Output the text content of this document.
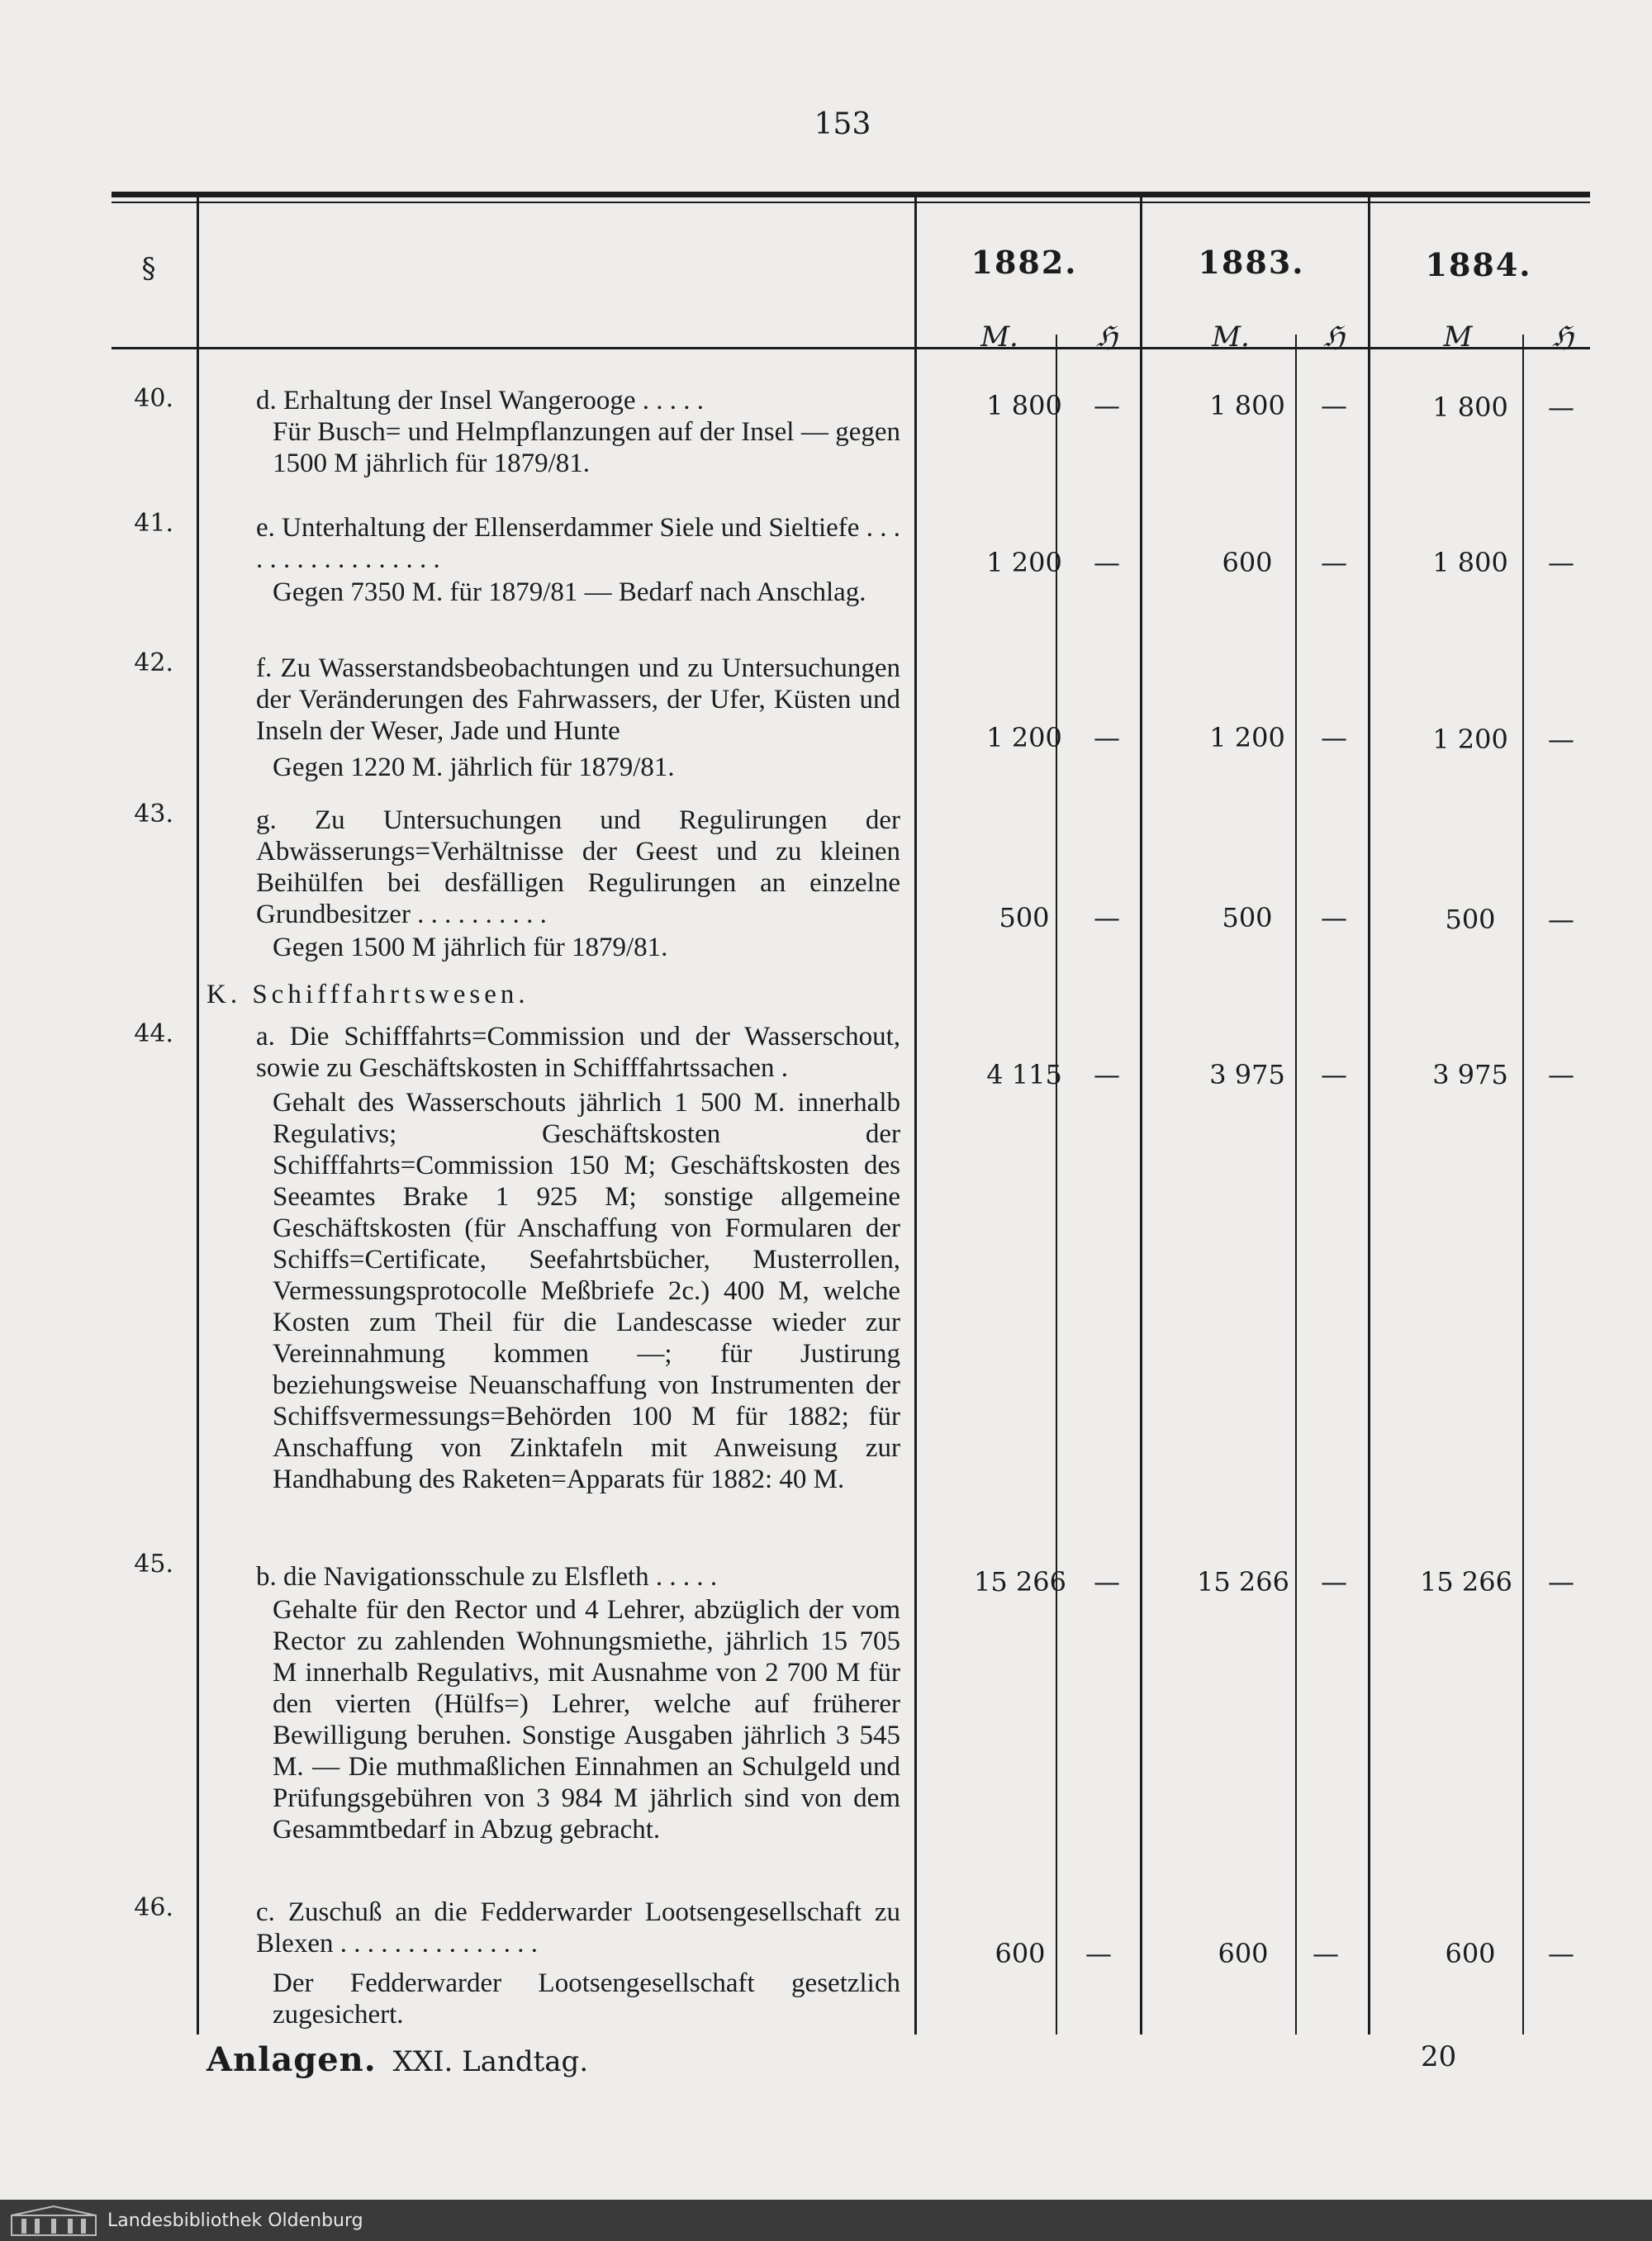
153
§	1882.	1883.	1884.
M.	ℌ	M.	ℌ	M	ℌ
40.	d. Erhaltung der Insel Wangerooge . . . . .
Für Busch= und Helmpflanzungen auf der Insel — gegen 1500 M jährlich für 1879/81.
1 800	—	1 800	—	1 800	—
41.	e. Unterhaltung der Ellenserdammer Siele und Sieltiefe . . . . . . . . . . . . . . . . .
Gegen 7350 M. für 1879/81 — Bedarf nach Anschlag.
1 200	—	600	—	1 800	—
42.	f. Zu Wasserstandsbeobachtungen und zu Untersuchungen der Veränderungen des Fahrwassers, der Ufer, Küsten und Inseln der Weser, Jade und Hunte
Gegen 1220 M. jährlich für 1879/81.
1 200	—	1 200	—	1 200	—
43.	g. Zu Untersuchungen und Regulirungen der Abwässerungs=Verhältnisse der Geest und zu kleinen Beihülfen bei desfälligen Regulirungen an einzelne Grundbesitzer . . . . . . . . . .
Gegen 1500 M jährlich für 1879/81.
500	—	500	—	500	—
K. Schifffahrtswesen.
44.	a. Die Schifffahrts=Commission und der Wasserschout, sowie zu Geschäftskosten in Schifffahrtssachen .
Gehalt des Wasserschouts jährlich 1 500 M. innerhalb Regulativs; Geschäftskosten der Schifffahrts=Commission 150 M; Geschäftskosten des Seeamtes Brake 1 925 M; sonstige allgemeine Geschäftskosten (für Anschaffung von Formularen der Schiffs=Certificate, Seefahrtsbücher, Musterrollen, Vermessungsprotocolle Meßbriefe 2c.) 400 M, welche Kosten zum Theil für die Landescasse wieder zur Vereinnahmung kommen —; für Justirung beziehungsweise Neuanschaffung von Instrumenten der Schiffsvermessungs=Behörden 100 M für 1882; für Anschaffung von Zinktafeln mit Anweisung zur Handhabung des Raketen=Apparats für 1882: 40 M.
4 115	—	3 975	—	3 975	—
45.	b. die Navigationsschule zu Elsfleth . . . . .
Gehalte für den Rector und 4 Lehrer, abzüglich der vom Rector zu zahlenden Wohnungsmiethe, jährlich 15 705 M innerhalb Regulativs, mit Ausnahme von 2 700 M für den vierten (Hülfs=) Lehrer, welche auf früherer Bewilligung beruhen. Sonstige Ausgaben jährlich 3 545 M. — Die muthmaßlichen Einnahmen an Schulgeld und Prüfungsgebühren von 3 984 M jährlich sind von dem Gesammtbedarf in Abzug gebracht.
15 266	—	15 266	—	15 266	—
46.	c. Zuschuß an die Fedderwarder Lootsengesellschaft zu Blexen . . . . . . . . . . . . . . .
Der Fedderwarder Lootsengesellschaft gesetzlich zugesichert.
600	—	600	—	600	—
Anlagen. XXI. Landtag.	20
Landesbibliothek Oldenburg
